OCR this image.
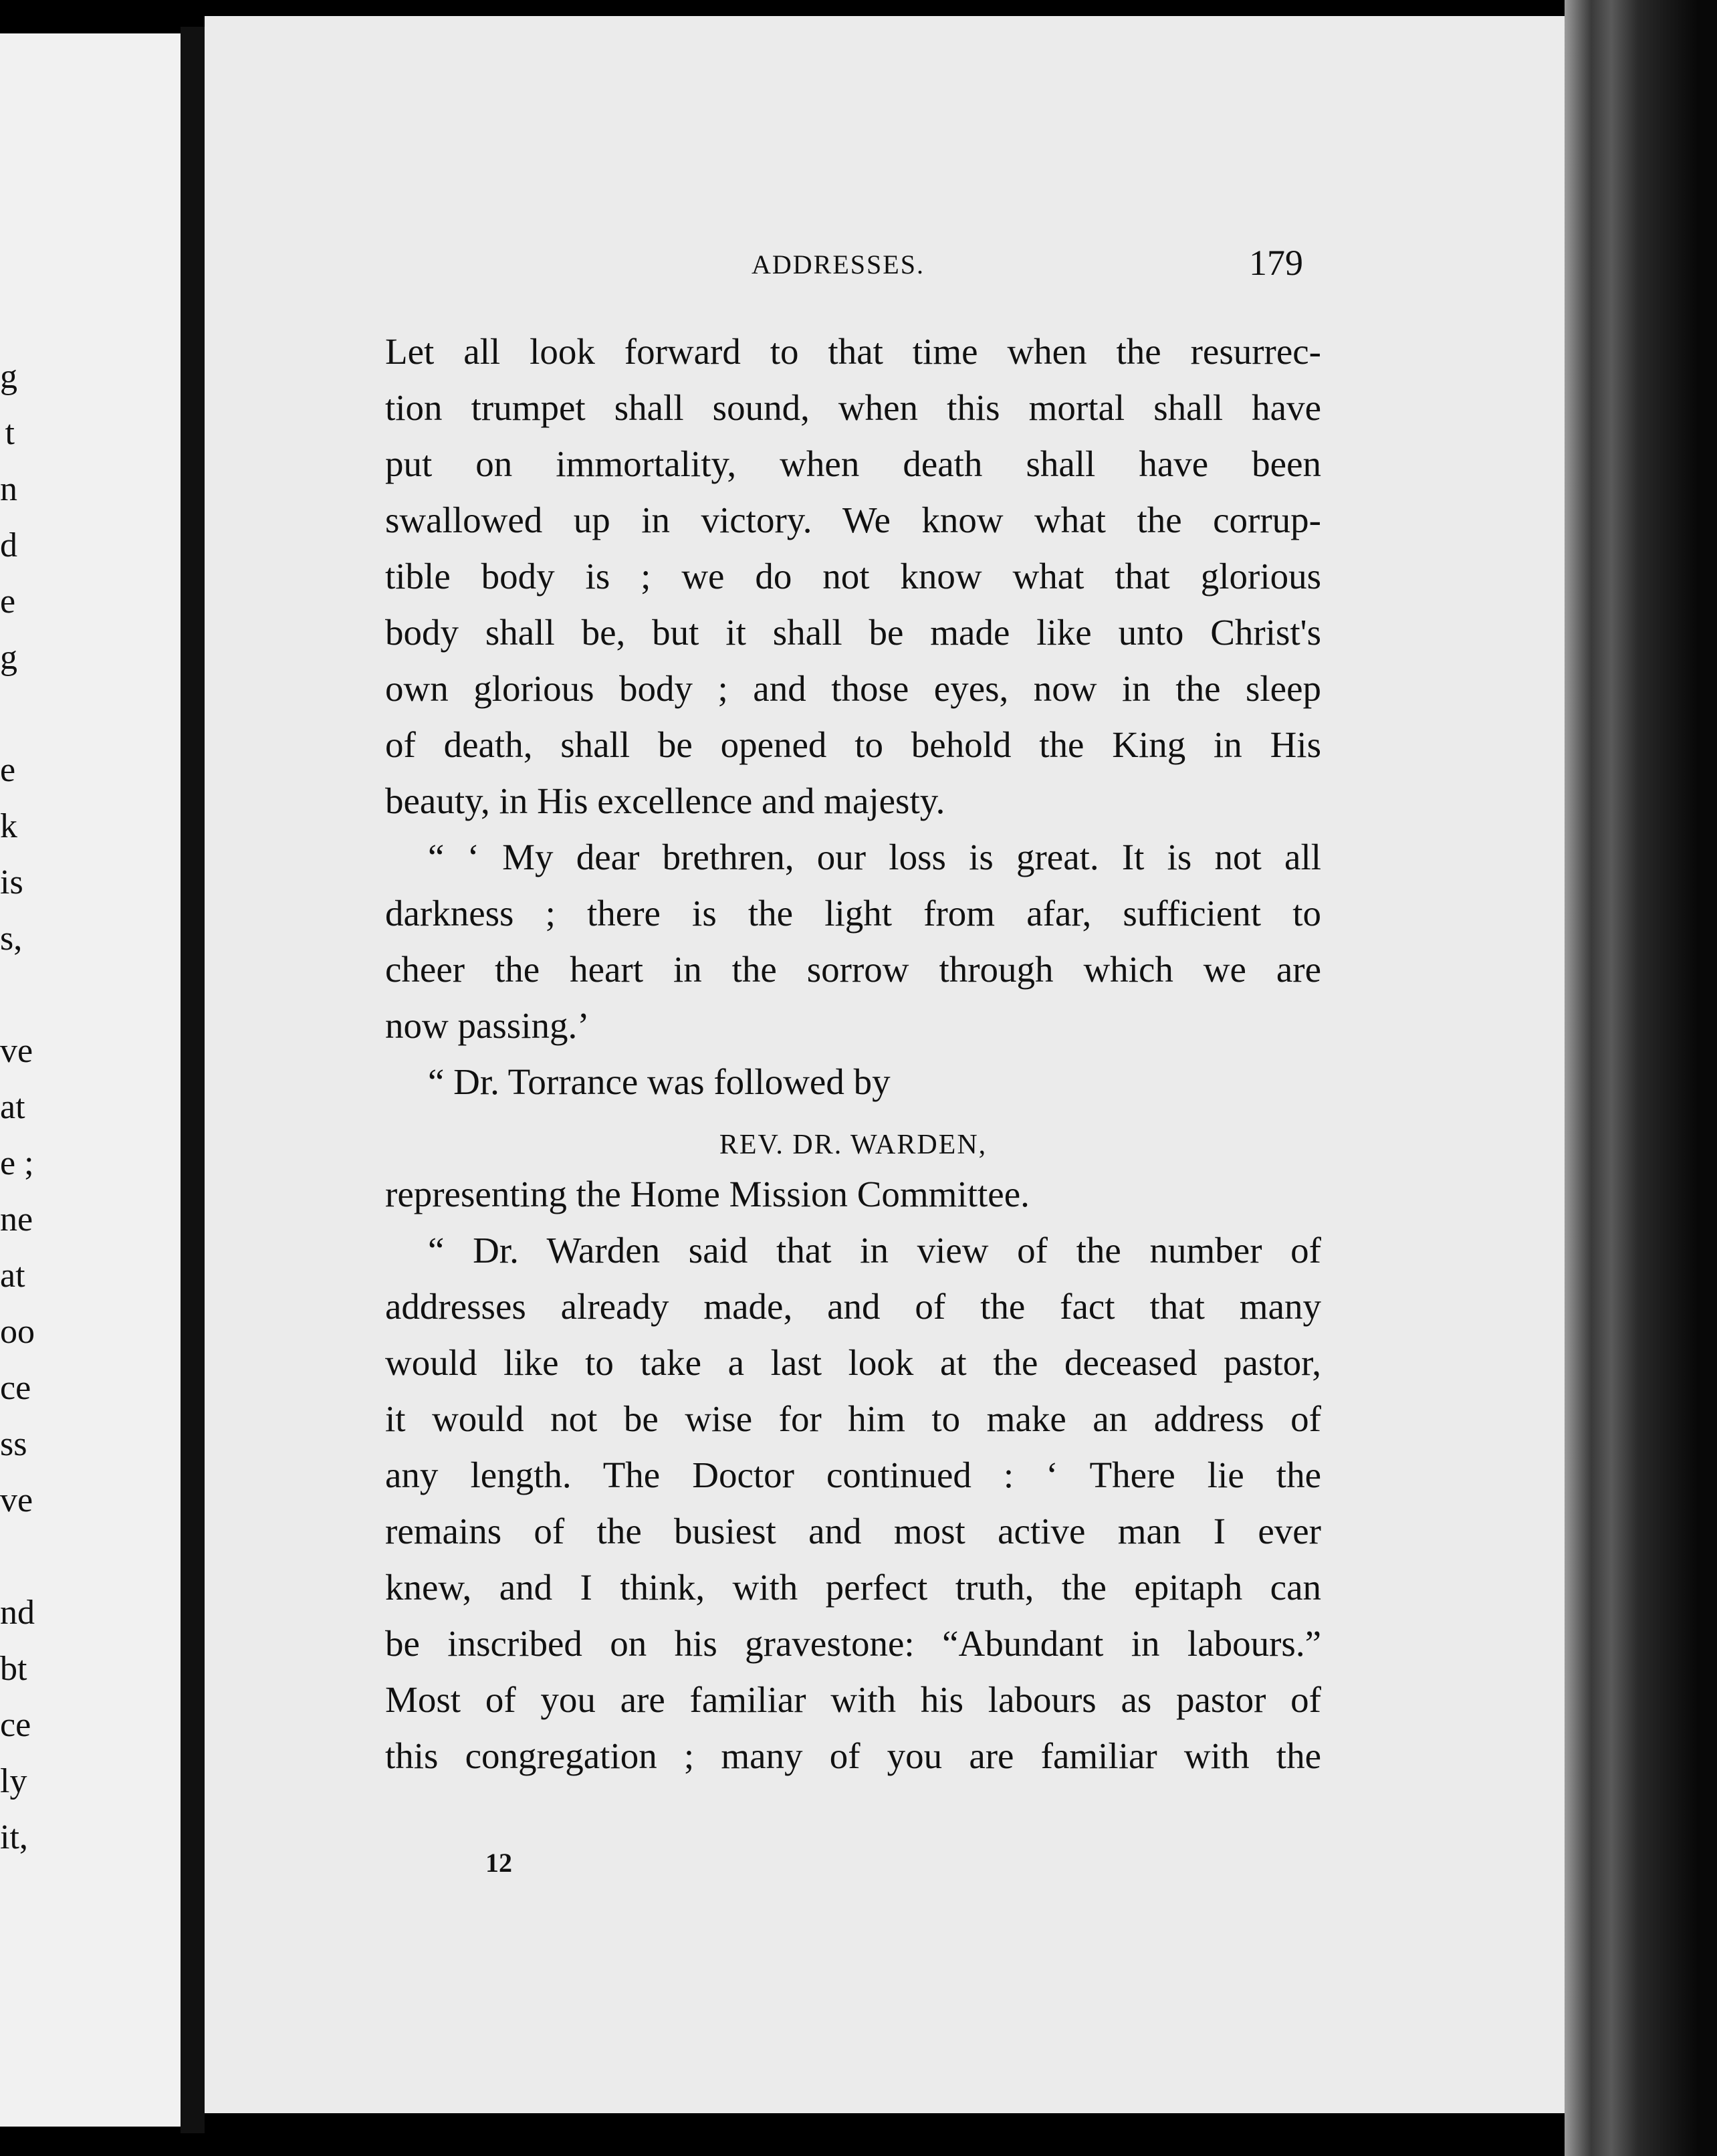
g
t
n
d
e
g
e
k
is
s,
ve
at
e ;
ne
at
oo
ce
ss
ve
nd
bt
ce
ly
it,

ADDRESSES.	179

Let all look forward to that time when the resurrec-
tion trumpet shall sound, when this mortal shall have
put on immortality, when death shall have been
swallowed up in victory. We know what the corrup-
tible body is ; we do not know what that glorious
body shall be, but it shall be made like unto Christ's
own glorious body ; and those eyes, now in the sleep
of death, shall be opened to behold the King in His
beauty, in His excellence and majesty.
“ ‘ My dear brethren, our loss is great. It is not all
darkness ; there is the light from afar, sufficient to
cheer the heart in the sorrow through which we are
now passing.’
“ Dr. Torrance was followed by
REV. DR. WARDEN,
representing the Home Mission Committee.
“ Dr. Warden said that in view of the number of
addresses already made, and of the fact that many
would like to take a last look at the deceased pastor,
it would not be wise for him to make an address of
any length. The Doctor continued : ‘ There lie the
remains of the busiest and most active man I ever
knew, and I think, with perfect truth, the epitaph can
be inscribed on his gravestone: “Abundant in labours.”
Most of you are familiar with his labours as pastor of
this congregation ; many of you are familiar with the

12
